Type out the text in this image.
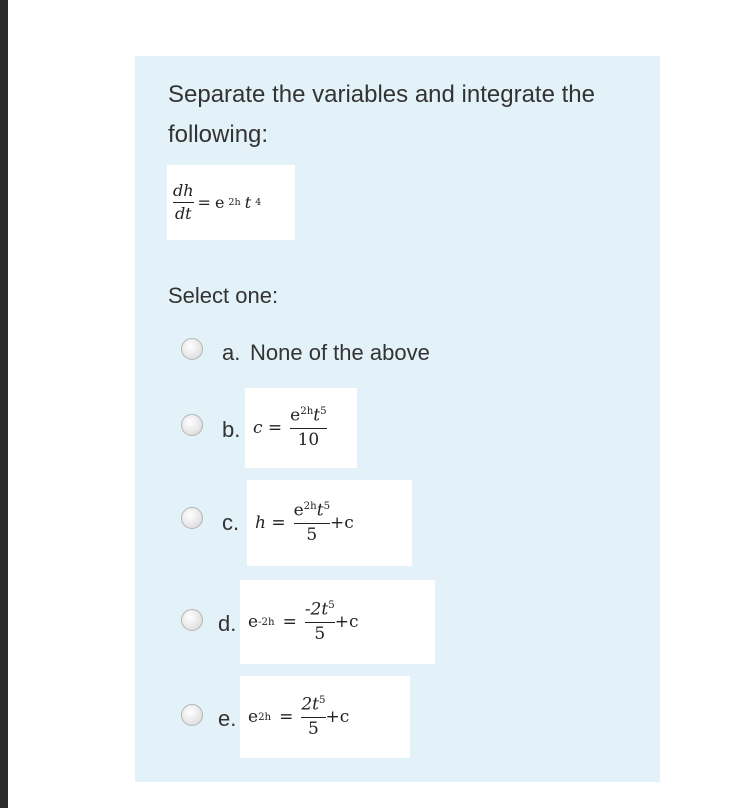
Separate the variables and integrate the following:
$\frac{dh}{dt} = e$ 2h t 4
Select one:
a. None of the above
b. $c = \frac{e^{2h}t^5}{10}$
c. $h = \frac{e^{2h}t^5}{5} +c$
d. e $-2h = \frac{-2t^5}{5} +c$
e. e $2h = \frac{2t^5}{5} +c$
